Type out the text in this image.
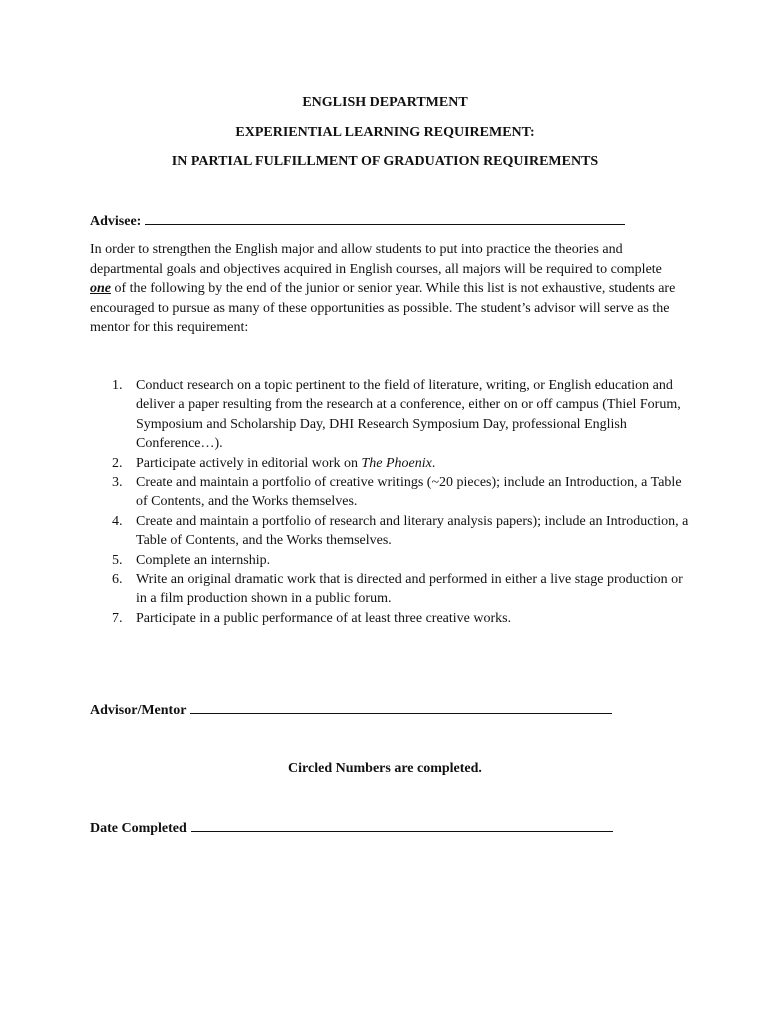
ENGLISH DEPARTMENT
EXPERIENTIAL LEARNING REQUIREMENT:
IN PARTIAL FULFILLMENT OF GRADUATION REQUIREMENTS
Advisee:
In order to strengthen the English major and allow students to put into practice the theories and departmental goals and objectives acquired in English courses, all majors will be required to complete one of the following by the end of the junior or senior year. While this list is not exhaustive, students are encouraged to pursue as many of these opportunities as possible. The student’s advisor will serve as the mentor for this requirement:
1. Conduct research on a topic pertinent to the field of literature, writing, or English education and deliver a paper resulting from the research at a conference, either on or off campus (Thiel Forum, Symposium and Scholarship Day, DHI Research Symposium Day, professional English Conference…).
2. Participate actively in editorial work on The Phoenix.
3. Create and maintain a portfolio of creative writings (~20 pieces); include an Introduction, a Table of Contents, and the Works themselves.
4. Create and maintain a portfolio of research and literary analysis papers); include an Introduction, a Table of Contents, and the Works themselves.
5. Complete an internship.
6. Write an original dramatic work that is directed and performed in either a live stage production or in a film production shown in a public forum.
7. Participate in a public performance of at least three creative works.
Advisor/Mentor
Circled Numbers are completed.
Date Completed
